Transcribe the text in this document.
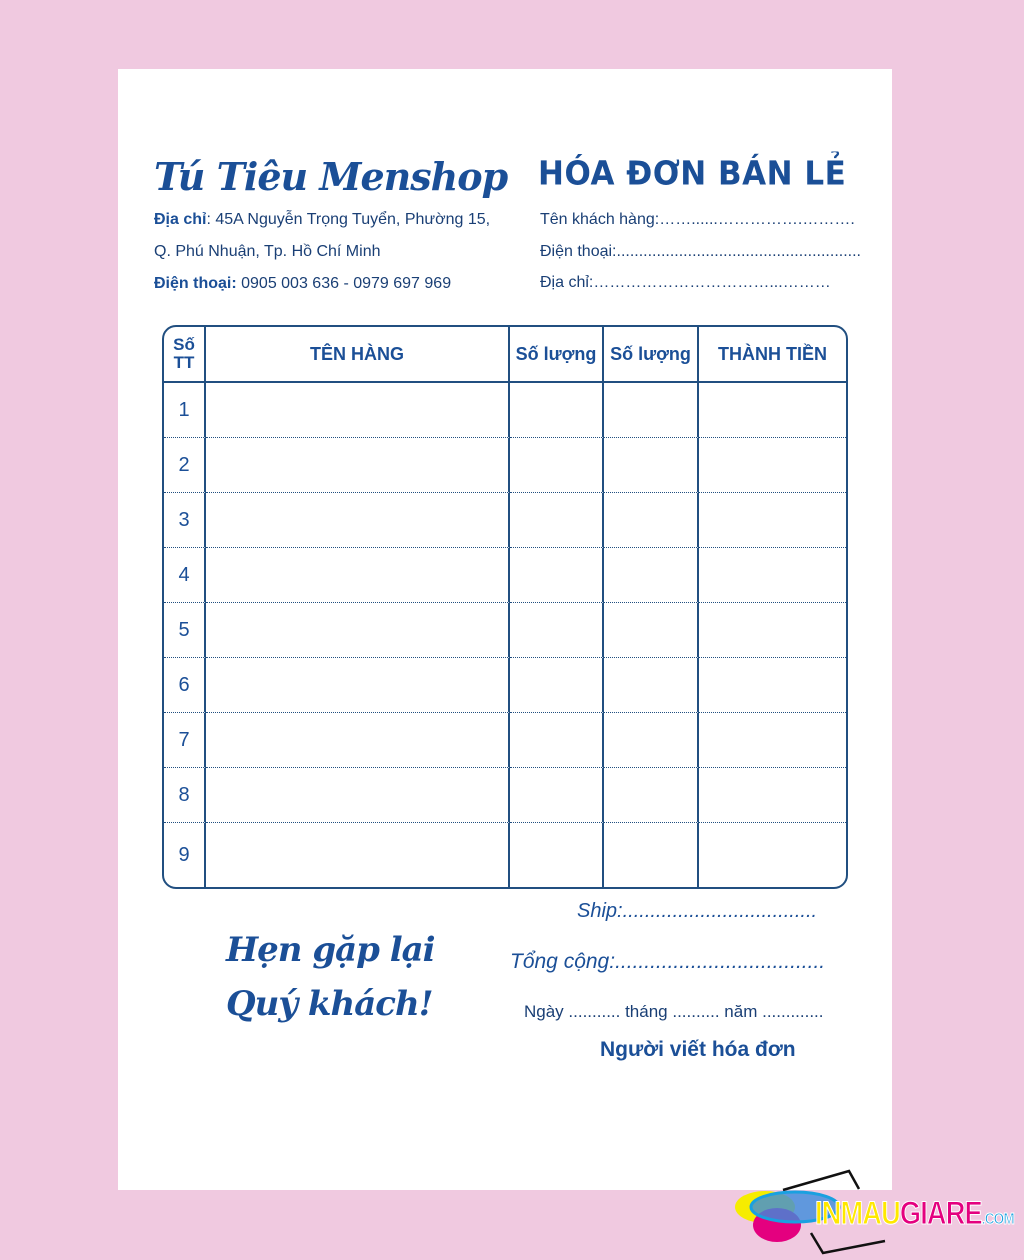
Tú Tiêu Menshop HÓA ĐƠN BÁN LẺ
Địa chỉ: 45A Nguyễn Trọng Tuyển, Phường 15,
Q. Phú Nhuận, Tp. Hồ Chí Minh
Điện thoại: 0905 003 636 - 0979 697 969
Tên khách hàng:……......…………….……….
Điện thoại:.......................................................
Địa chỉ:……………………………...………
Số TT	TÊN HÀNG	Số lượng	Số lượng	THÀNH TIỀN
1				
2				
3				
4				
5				
6				
7				
8				
9				
Ship:...................................
Tổng cộng:....................................
Ngày ........... tháng .......... năm .............
Người viết hóa đơn
Hẹn gặp lại
Quý khách!
INMAUGIARE.COM
